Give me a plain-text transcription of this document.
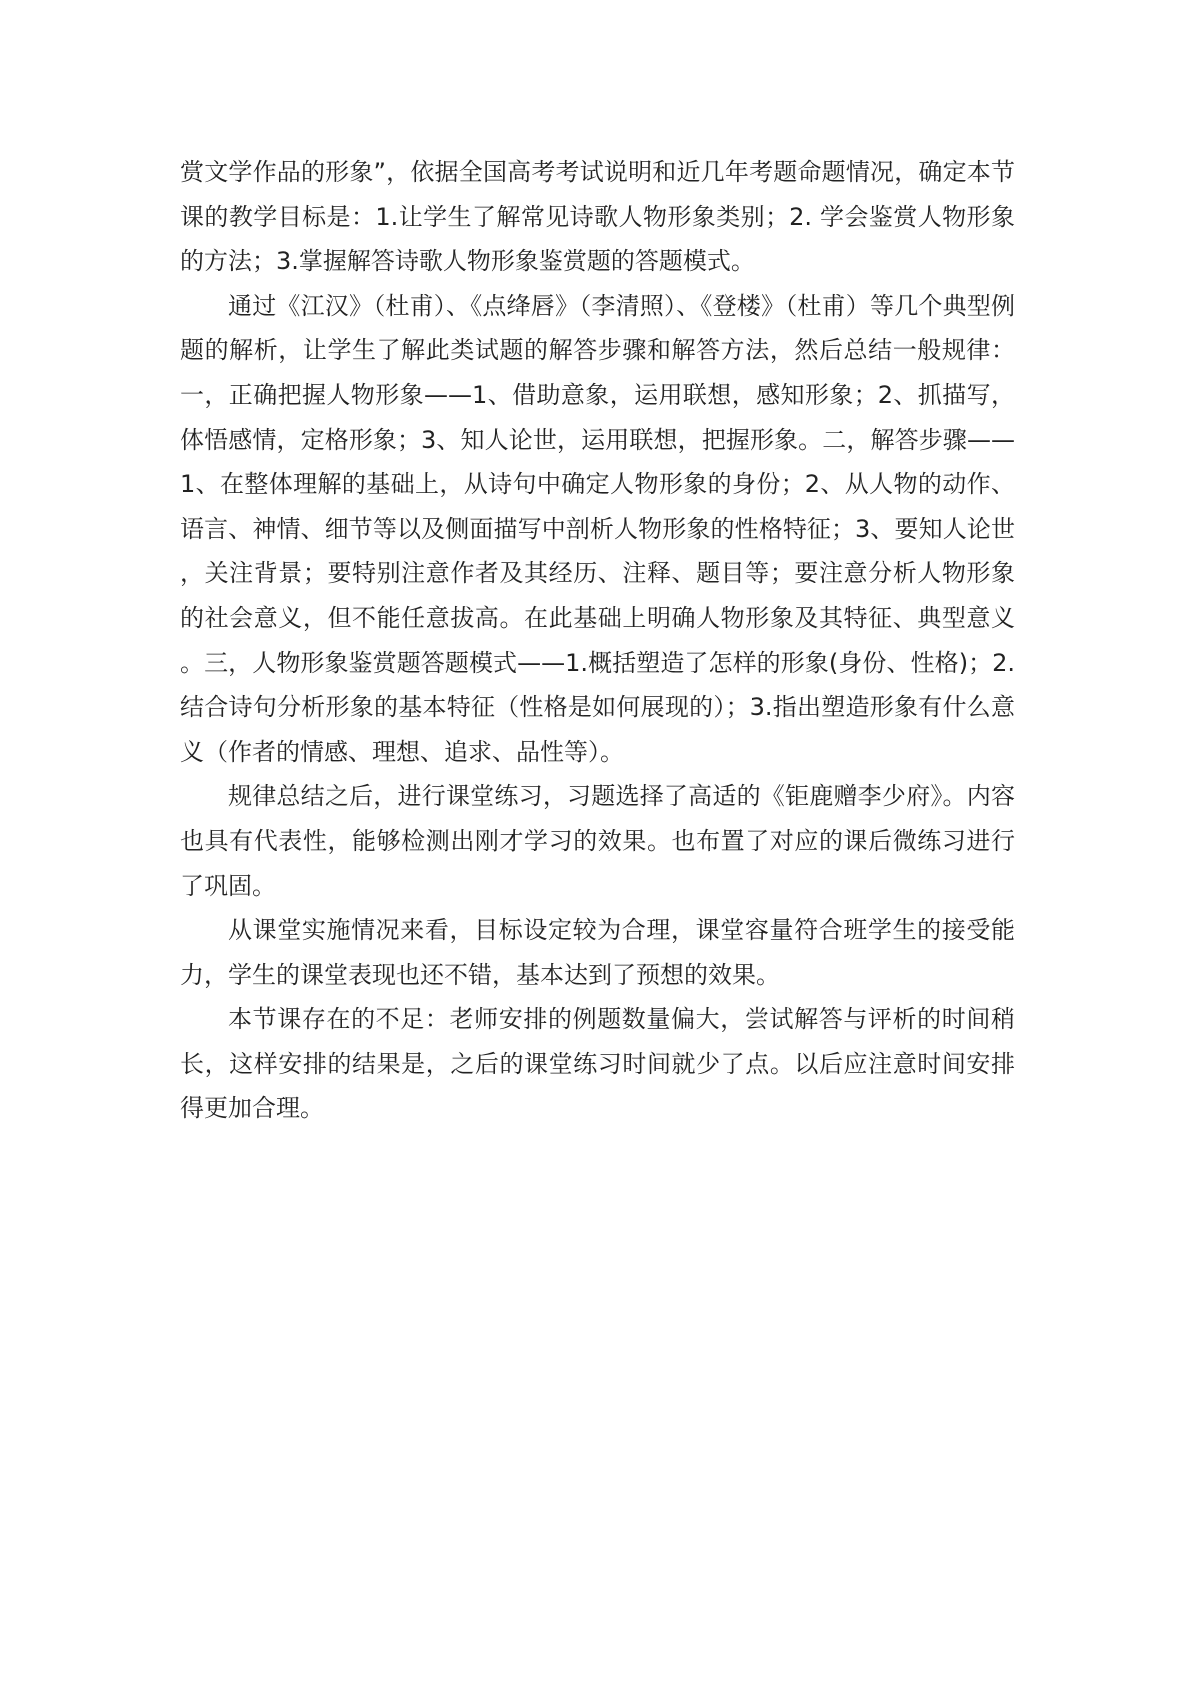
赏文学作品的形象”，依据全国高考考试说明和近几年考题命题情况，确定本节课的教学目标是：1.让学生了解常见诗歌人物形象类别；2. 学会鉴赏人物形象的方法；3.掌握解答诗歌人物形象鉴赏题的答题模式。

通过《江汉》（杜甫）、《点绛唇》（李清照）、《登楼》（杜甫）等几个典型例题的解析，让学生了解此类试题的解答步骤和解答方法，然后总结一般规律：一，正确把握人物形象——1、借助意象，运用联想，感知形象；2、抓描写，体悟感情，定格形象；3、知人论世，运用联想，把握形象。二，解答步骤——1、在整体理解的基础上，从诗句中确定人物形象的身份；2、从人物的动作、语言、神情、细节等以及侧面描写中剖析人物形象的性格特征；3、要知人论世，关注背景；要特别注意作者及其经历、注释、题目等；要注意分析人物形象的社会意义，但不能任意拔高。在此基础上明确人物形象及其特征、典型意义。三，人物形象鉴赏题答题模式——1.概括塑造了怎样的形象(身份、性格)；2.结合诗句分析形象的基本特征（性格是如何展现的）；3.指出塑造形象有什么意义（作者的情感、理想、追求、品性等）。

规律总结之后，进行课堂练习，习题选择了高适的《钜鹿赠李少府》。内容也具有代表性，能够检测出刚才学习的效果。也布置了对应的课后微练习进行了巩固。

从课堂实施情况来看，目标设定较为合理，课堂容量符合班学生的接受能力，学生的课堂表现也还不错，基本达到了预想的效果。

本节课存在的不足：老师安排的例题数量偏大，尝试解答与评析的时间稍长，这样安排的结果是，之后的课堂练习时间就少了点。以后应注意时间安排得更加合理。
